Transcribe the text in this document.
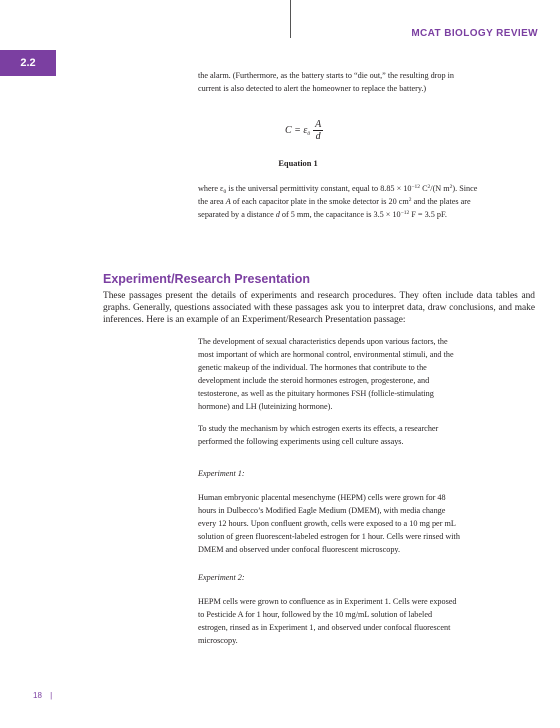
MCAT BIOLOGY REVIEW
2.2

the alarm. (Furthermore, as the battery starts to “die out,” the resulting drop in current is also detected to alert the homeowner to replace the battery.)

$C = \varepsilon_0 \frac{A}{d}$
Equation 1

where $\varepsilon_0$ is the universal permittivity constant, equal to $8.85 \times 10^{-12}$ $C^2/(N$ $m^2$). Since the area A of each capacitor plate in the smoke detector is 20 $cm^2$ and the plates are separated by a distance d of 5 mm, the capacitance is $3.5 \times 10^{-12}$ F = 3.5 pF.

Experiment/Research Presentation

These passages present the details of experiments and research procedures. They often include data tables and graphs. Generally, questions associated with these passages ask you to interpret data, draw conclusions, and make inferences. Here is an example of an Experiment/Research Presentation passage:

The development of sexual characteristics depends upon various factors, the most important of which are hormonal control, environmental stimuli, and the genetic makeup of the individual. The hormones that contribute to the development include the steroid hormones estrogen, progesterone, and testosterone, as well as the pituitary hormones FSH (follicle-stimulating hormone) and LH (luteinizing hormone).

To study the mechanism by which estrogen exerts its effects, a researcher performed the following experiments using cell culture assays.

Experiment 1:

Human embryonic placental mesenchyme (HEPM) cells were grown for 48 hours in Dulbecco’s Modified Eagle Medium (DMEM), with media change every 12 hours. Upon confluent growth, cells were exposed to a 10 mg per mL solution of green fluorescent-labeled estrogen for 1 hour. Cells were rinsed with DMEM and observed under confocal fluorescent microscopy.

Experiment 2:

HEPM cells were grown to confluence as in Experiment 1. Cells were exposed to Pesticide A for 1 hour, followed by the 10 mg/mL solution of labeled estrogen, rinsed as in Experiment 1, and observed under confocal fluorescent microscopy.

18 |
